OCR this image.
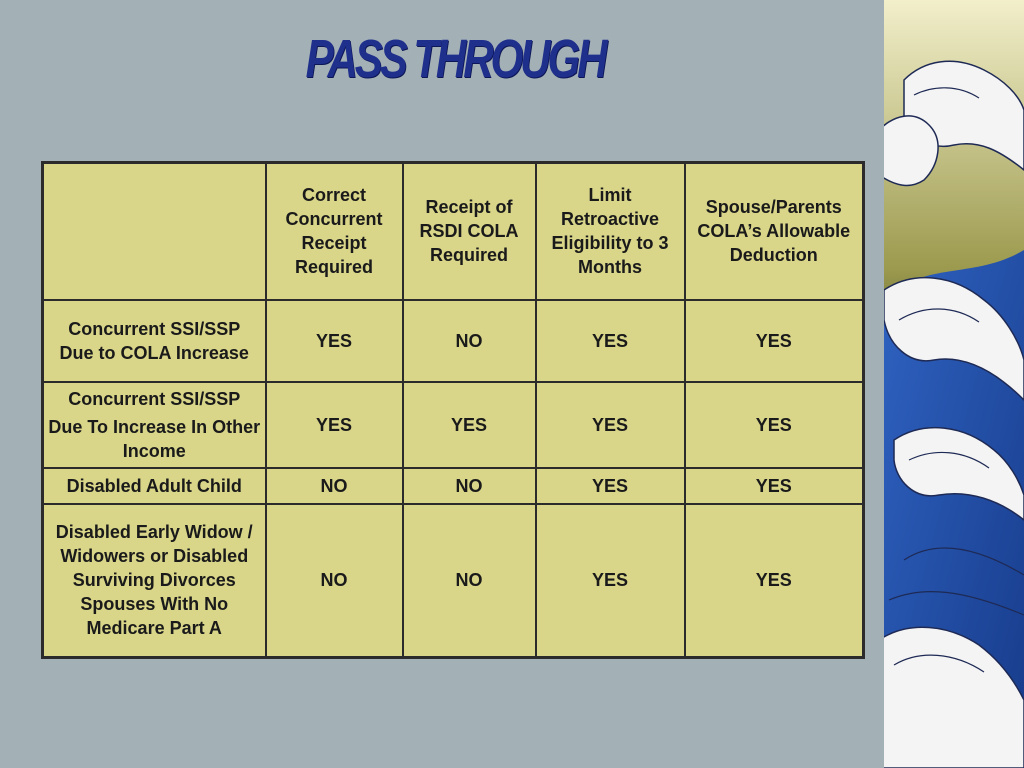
PASS THROUGH
	Correct Concurrent Receipt Required	Receipt of RSDI COLA Required	Limit Retroactive Eligibility to 3 Months	Spouse/Parents COLA’s Allowable Deduction

Concurrent SSI/SSP
Due to COLA Increase	YES	NO	YES	YES

Concurrent SSI/SSP
Due To Increase In Other Income	YES	YES	YES	YES
Disabled Adult Child	NO	NO	YES	YES
Disabled Early Widow / Widowers or Disabled Surviving Divorces Spouses With No Medicare Part A	NO	NO	YES	YES
